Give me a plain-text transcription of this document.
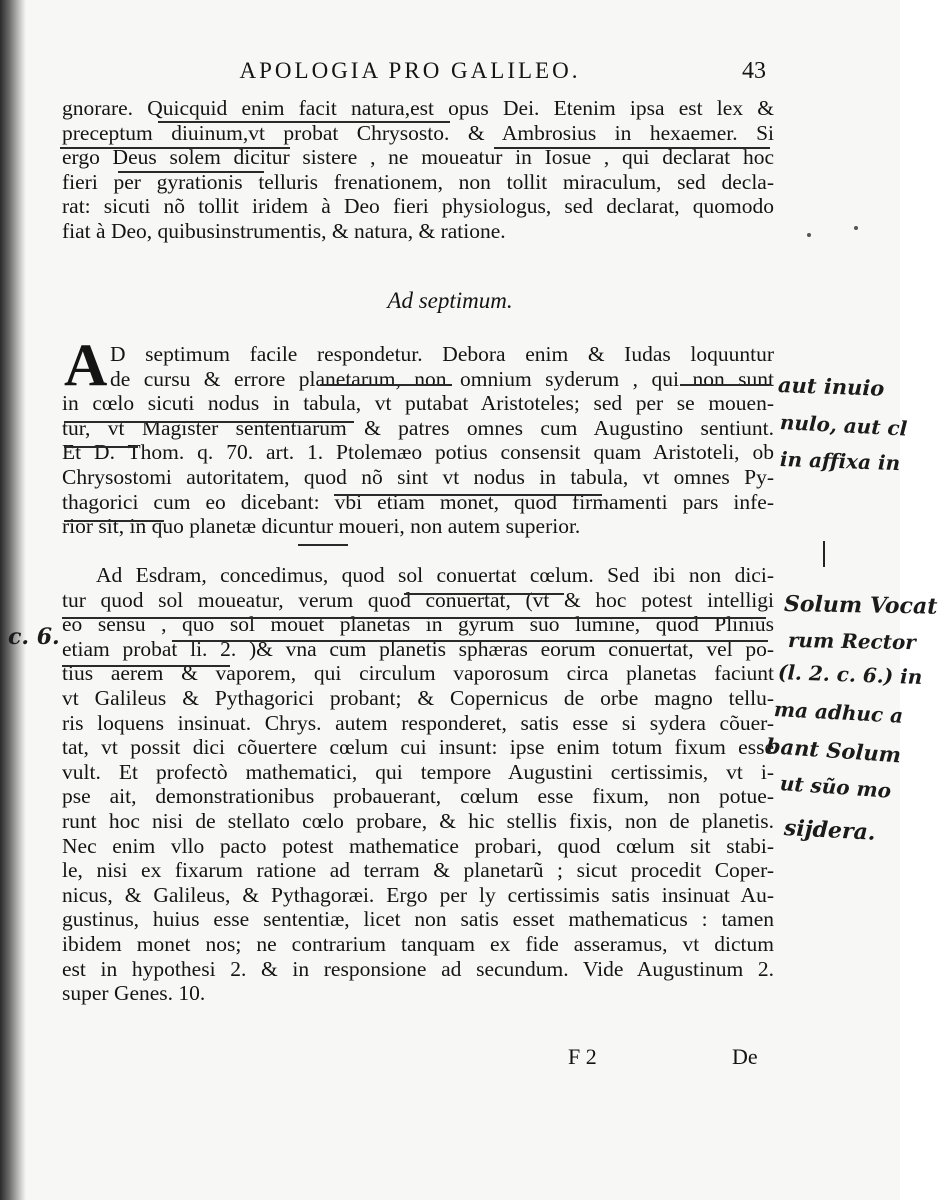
APOLOGIA PRO GALILEO.	43
gnorare. Quicquid enim facit natura,est opus Dei. Etenim ipsa est lex &
preceptum diuinum,vt probat Chrysosto. & Ambrosius in hexaemer. Si
ergo Deus solem dicitur sistere , ne moueatur in Iosue , qui declarat hoc
fieri per gyrationis telluris frenationem, non tollit miraculum, sed decla-
rat: sicuti nõ tollit iridem à Deo fieri physiologus, sed declarat, quomodo
fiat à Deo, quibusinstrumentis, & natura, & ratione.
Ad septimum.
A D septimum facile respondetur. Debora enim & Iudas loquuntur
de cursu & errore planetarum, non omnium syderum , qui non sunt
in cœlo sicuti nodus in tabula, vt putabat Aristoteles; sed per se mouen-
tur, vt Magister sententiarum & patres omnes cum Augustino sentiunt.
Et D. Thom. q. 70. art. 1. Ptolemæo potius consensit quam Aristoteli, ob
Chrysostomi autoritatem, quod nõ sint vt nodus in tabula, vt omnes Py-
thagorici cum eo dicebant: vbi etiam monet, quod firmamenti pars infe-
rior sit, in quo planetæ dicuntur moueri, non autem superior.
Ad Esdram, concedimus, quod sol conuertat cœlum. Sed ibi non dici-
tur quod sol moueatur, verum quod conuertat, (vt & hoc potest intelligi
eo sensu , quo sol mouet planetas in gyrum suo lumine, quod Plinius
etiam probat li. 2. )& vna cum planetis sphæras eorum conuertat, vel po-
tius aerem & vaporem, qui circulum vaporosum circa planetas faciunt
vt Galileus & Pythagorici probant; & Copernicus de orbe magno tellu-
ris loquens insinuat. Chrys. autem responderet, satis esse si sydera cõuer-
tat, vt possit dici cõuertere cœlum cui insunt: ipse enim totum fixum esse
vult. Et profectò mathematici, qui tempore Augustini certissimis, vt i-
pse ait, demonstrationibus probauerant, cœlum esse fixum, non potue-
runt hoc nisi de stellato cœlo probare, & hic stellis fixis, non de planetis.
Nec enim vllo pacto potest mathematice probari, quod cœlum sit stabi-
le, nisi ex fixarum ratione ad terram & planetarũ ; sicut procedit Coper-
nicus, & Galileus, & Pythagoræi. Ergo per ly certissimis satis insinuat Au-
gustinus, huius esse sententiæ, licet non satis esset mathematicus : tamen
ibidem monet nos; ne contrarium tanquam ex fide asseramus, vt dictum
est in hypothesi 2. & in responsione ad secundum. Vide Augustinum 2.
super Genes. 10.
F 2	De
aut inuio
nulo, aut cl
in affixa in
Solum Vocat
rum Rector
(l. 2. c. 6.) in
ma adhuc a
bant Solum
ut sũo mo
sijdera.
c. 6.
